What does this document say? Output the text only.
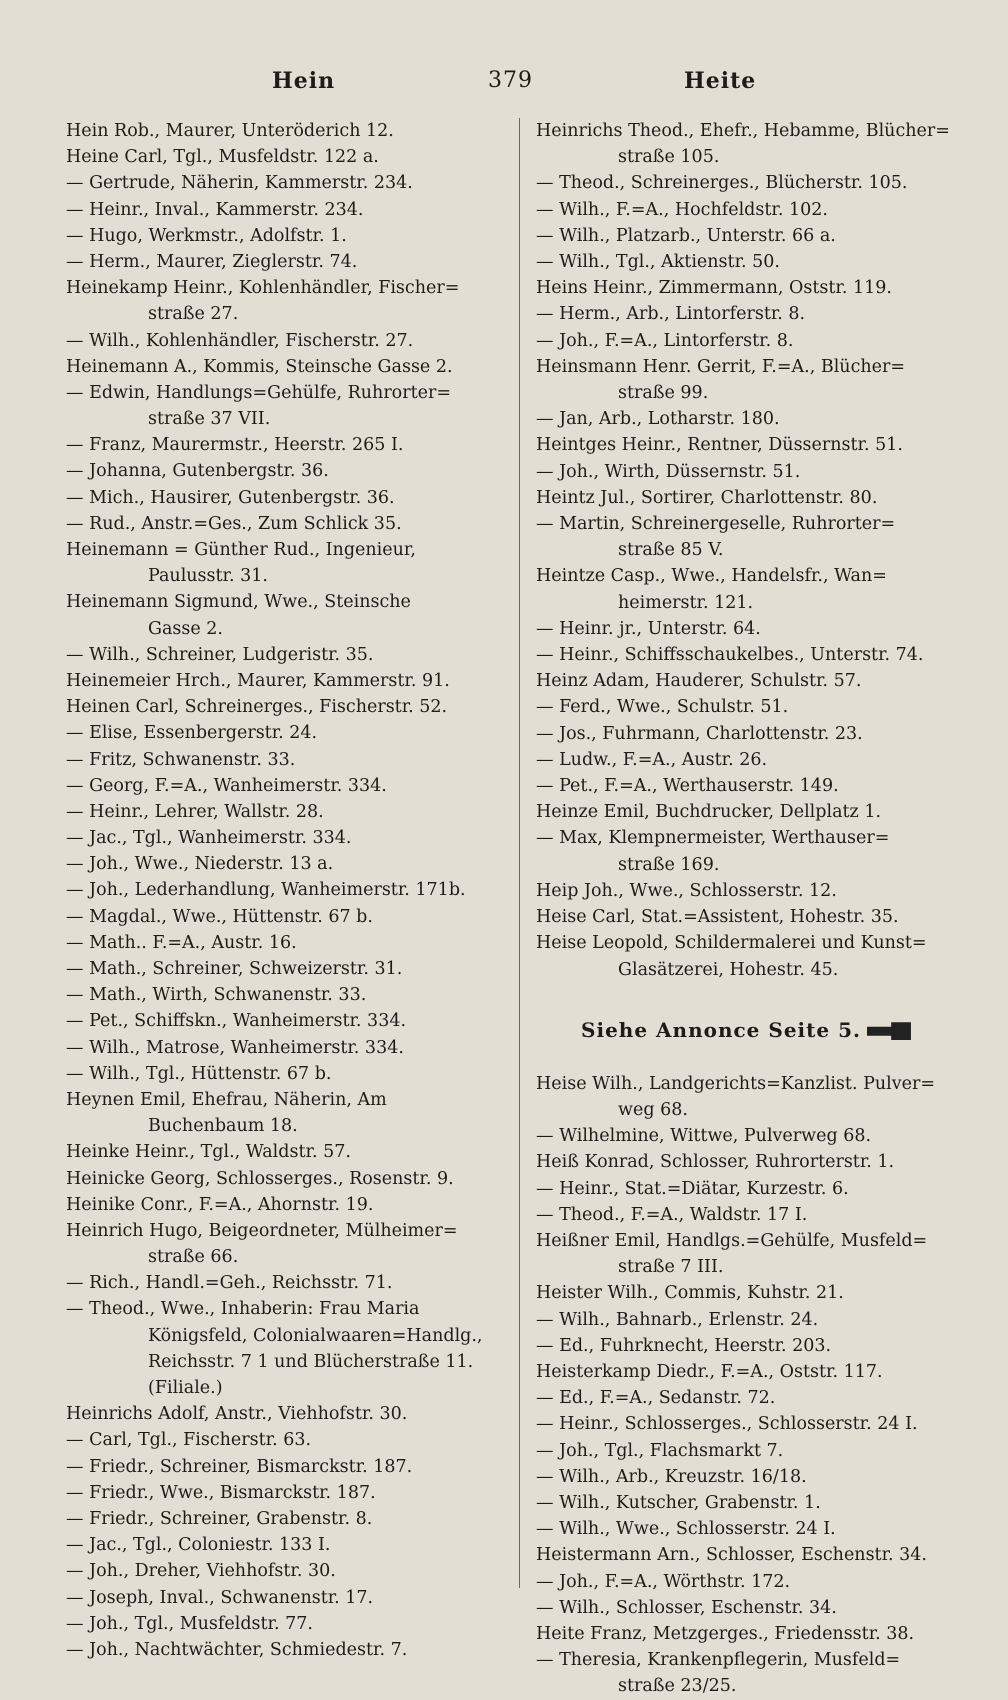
Hein	379	Heite
Hein Rob., Maurer, Unteröderich 12.
Heine Carl, Tgl., Musfeldstr. 122 a.
— Gertrude, Näherin, Kammerstr. 234.
— Heinr., Inval., Kammerstr. 234.
— Hugo, Werkmstr., Adolfstr. 1.
— Herm., Maurer, Zieglerstr. 74.
Heinekamp Heinr., Kohlenhändler, Fischer=
straße 27.
— Wilh., Kohlenhändler, Fischerstr. 27.
Heinemann A., Kommis, Steinsche Gasse 2.
— Edwin, Handlungs=Gehülfe, Ruhrorter=
straße 37 VII.
— Franz, Maurermstr., Heerstr. 265 I.
— Johanna, Gutenbergstr. 36.
— Mich., Hausirer, Gutenbergstr. 36.
— Rud., Anstr.=Ges., Zum Schlick 35.
Heinemann = Günther Rud., Ingenieur,
Paulusstr. 31.
Heinemann Sigmund, Wwe., Steinsche
Gasse 2.
— Wilh., Schreiner, Ludgeristr. 35.
Heinemeier Hrch., Maurer, Kammerstr. 91.
Heinen Carl, Schreinerges., Fischerstr. 52.
— Elise, Essenbergerstr. 24.
— Fritz, Schwanenstr. 33.
— Georg, F.=A., Wanheimerstr. 334.
— Heinr., Lehrer, Wallstr. 28.
— Jac., Tgl., Wanheimerstr. 334.
— Joh., Wwe., Niederstr. 13 a.
— Joh., Lederhandlung, Wanheimerstr. 171b.
— Magdal., Wwe., Hüttenstr. 67 b.
— Math.. F.=A., Austr. 16.
— Math., Schreiner, Schweizerstr. 31.
— Math., Wirth, Schwanenstr. 33.
— Pet., Schiffskn., Wanheimerstr. 334.
— Wilh., Matrose, Wanheimerstr. 334.
— Wilh., Tgl., Hüttenstr. 67 b.
Heynen Emil, Ehefrau, Näherin, Am
Buchenbaum 18.
Heinke Heinr., Tgl., Waldstr. 57.
Heinicke Georg, Schlosserges., Rosenstr. 9.
Heinike Conr., F.=A., Ahornstr. 19.
Heinrich Hugo, Beigeordneter, Mülheimer=
straße 66.
— Rich., Handl.=Geh., Reichsstr. 71.
— Theod., Wwe., Inhaberin: Frau Maria
Königsfeld, Colonialwaaren=Handlg.,
Reichsstr. 7 1 und Blücherstraße 11.
(Filiale.)
Heinrichs Adolf, Anstr., Viehhofstr. 30.
— Carl, Tgl., Fischerstr. 63.
— Friedr., Schreiner, Bismarckstr. 187.
— Friedr., Wwe., Bismarckstr. 187.
— Friedr., Schreiner, Grabenstr. 8.
— Jac., Tgl., Coloniestr. 133 I.
— Joh., Dreher, Viehhofstr. 30.
— Joseph, Inval., Schwanenstr. 17.
— Joh., Tgl., Musfeldstr. 77.
— Joh., Nachtwächter, Schmiedestr. 7.
Heinrichs Theod., Ehefr., Hebamme, Blücher=
straße 105.
— Theod., Schreinerges., Blücherstr. 105.
— Wilh., F.=A., Hochfeldstr. 102.
— Wilh., Platzarb., Unterstr. 66 a.
— Wilh., Tgl., Aktienstr. 50.
Heins Heinr., Zimmermann, Oststr. 119.
— Herm., Arb., Lintorferstr. 8.
— Joh., F.=A., Lintorferstr. 8.
Heinsmann Henr. Gerrit, F.=A., Blücher=
straße 99.
— Jan, Arb., Lotharstr. 180.
Heintges Heinr., Rentner, Düssernstr. 51.
— Joh., Wirth, Düssernstr. 51.
Heintz Jul., Sortirer, Charlottenstr. 80.
— Martin, Schreinergeselle, Ruhrorter=
straße 85 V.
Heintze Casp., Wwe., Handelsfr., Wan=
heimerstr. 121.
— Heinr. jr., Unterstr. 64.
— Heinr., Schiffsschaukelbes., Unterstr. 74.
Heinz Adam, Hauderer, Schulstr. 57.
— Ferd., Wwe., Schulstr. 51.
— Jos., Fuhrmann, Charlottenstr. 23.
— Ludw., F.=A., Austr. 26.
— Pet., F.=A., Werthauserstr. 149.
Heinze Emil, Buchdrucker, Dellplatz 1.
— Max, Klempnermeister, Werthauser=
straße 169.
Heip Joh., Wwe., Schlosserstr. 12.
Heise Carl, Stat.=Assistent, Hohestr. 35.
Heise Leopold, Schildermalerei und Kunst=
Glasätzerei, Hohestr. 45.
Siehe Annonce Seite 5.
Heise Wilh., Landgerichts=Kanzlist. Pulver=
weg 68.
— Wilhelmine, Wittwe, Pulverweg 68.
Heiß Konrad, Schlosser, Ruhrorterstr. 1.
— Heinr., Stat.=Diätar, Kurzestr. 6.
— Theod., F.=A., Waldstr. 17 I.
Heißner Emil, Handlgs.=Gehülfe, Musfeld=
straße 7 III.
Heister Wilh., Commis, Kuhstr. 21.
— Wilh., Bahnarb., Erlenstr. 24.
— Ed., Fuhrknecht, Heerstr. 203.
Heisterkamp Diedr., F.=A., Oststr. 117.
— Ed., F.=A., Sedanstr. 72.
— Heinr., Schlosserges., Schlosserstr. 24 I.
— Joh., Tgl., Flachsmarkt 7.
— Wilh., Arb., Kreuzstr. 16/18.
— Wilh., Kutscher, Grabenstr. 1.
— Wilh., Wwe., Schlosserstr. 24 I.
Heistermann Arn., Schlosser, Eschenstr. 34.
— Joh., F.=A., Wörthstr. 172.
— Wilh., Schlosser, Eschenstr. 34.
Heite Franz, Metzgerges., Friedensstr. 38.
— Theresia, Krankenpflegerin, Musfeld=
straße 23/25.
